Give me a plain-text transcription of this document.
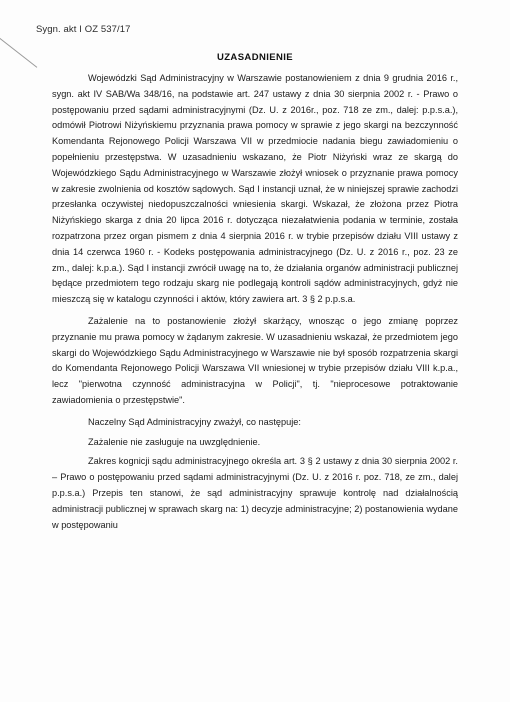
Sygn. akt I OZ 537/17
UZASADNIENIE

Wojewódzki Sąd Administracyjny w Warszawie postanowieniem z dnia 9 grudnia 2016 r., sygn. akt IV SAB/Wa 348/16, na podstawie art. 247 ustawy z dnia 30 sierpnia 2002 r. - Prawo o postępowaniu przed sądami administracyjnymi (Dz. U. z 2016r., poz. 718 ze zm., dalej: p.p.s.a.), odmówił Piotrowi Niżyńskiemu przyznania prawa pomocy w sprawie z jego skargi na bezczynność Komendanta Rejonowego Policji Warszawa VII w przedmiocie nadania biegu zawiadomieniu o popełnieniu przestępstwa. W uzasadnieniu wskazano, że Piotr Niżyński wraz ze skargą do Wojewódzkiego Sądu Administracyjnego w Warszawie złożył wniosek o przyznanie prawa pomocy w zakresie zwolnienia od kosztów sądowych. Sąd I instancji uznał, że w niniejszej sprawie zachodzi przesłanka oczywistej niedopuszczalności wniesienia skargi. Wskazał, że złożona przez Piotra Niżyńskiego skarga z dnia 20 lipca 2016 r. dotycząca niezałatwienia podania w terminie, została rozpatrzona przez organ pismem z dnia 4 sierpnia 2016 r. w trybie przepisów działu VIII ustawy z dnia 14 czerwca 1960 r. - Kodeks postępowania administracyjnego (Dz. U. z 2016 r., poz. 23 ze zm., dalej: k.p.a.). Sąd I instancji zwrócił uwagę na to, że działania organów administracji publicznej będące przedmiotem tego rodzaju skarg nie podlegają kontroli sądów administracyjnych, gdyż nie mieszczą się w katalogu czynności i aktów, który zawiera art. 3 § 2 p.p.s.a.

Zażalenie na to postanowienie złożył skarżący, wnosząc o jego zmianę poprzez przyznanie mu prawa pomocy w żądanym zakresie. W uzasadnieniu wskazał, że przedmiotem jego skargi do Wojewódzkiego Sądu Administracyjnego w Warszawie nie był sposób rozpatrzenia skargi do Komendanta Rejonowego Policji Warszawa VII wniesionej w trybie przepisów działu VIII k.p.a., lecz "pierwotna czynność administracyjna w Policji", tj. "nieprocesowe potraktowanie zawiadomienia o przestępstwie".

Naczelny Sąd Administracyjny zważył, co następuje:

Zażalenie nie zasługuje na uwzględnienie.

Zakres kognicji sądu administracyjnego określa art. 3 § 2 ustawy z dnia 30 sierpnia 2002 r. – Prawo o postępowaniu przed sądami administracyjnymi (Dz. U. z 2016 r. poz. 718, ze zm., dalej p.p.s.a.) Przepis ten stanowi, że sąd administracyjny sprawuje kontrolę nad działalnością administracji publicznej w sprawach skarg na: 1) decyzje administracyjne; 2) postanowienia wydane w postępowaniu
